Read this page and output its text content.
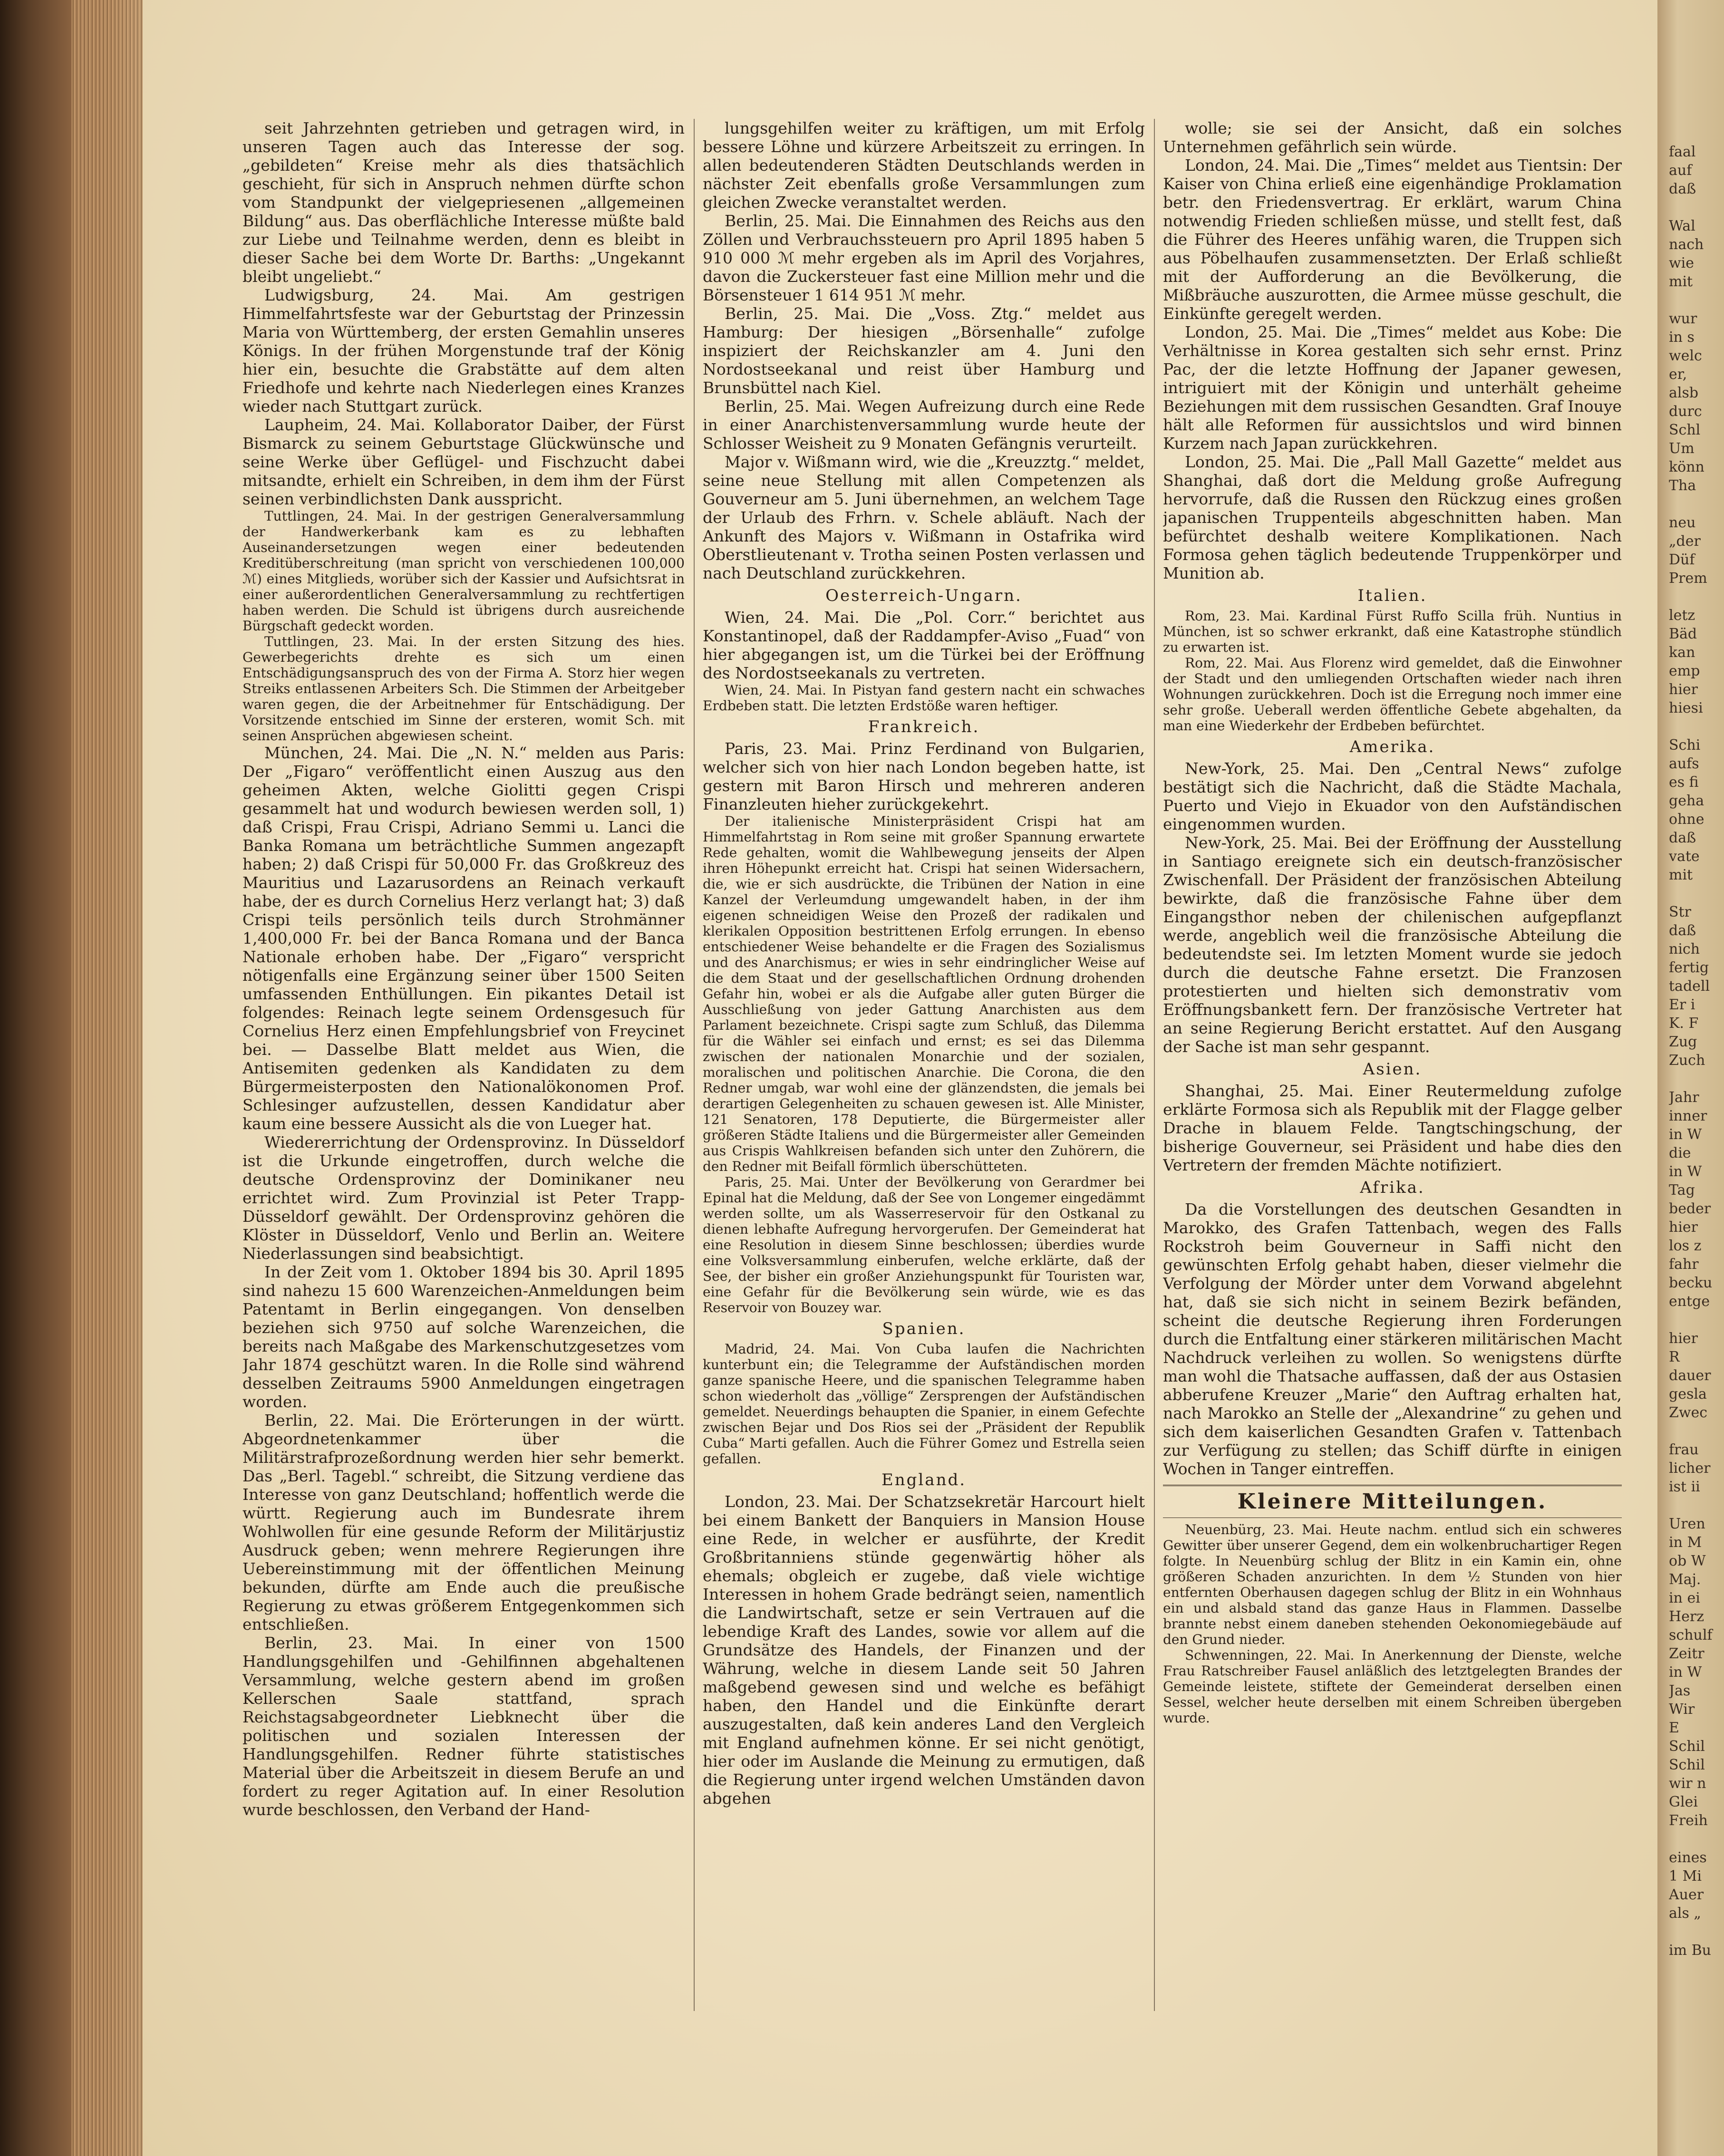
seit Jahrzehnten getrieben und getragen wird, in unseren Tagen auch das Interesse der sog. „gebildeten“ Kreise mehr als dies thatsächlich geschieht, für sich in Anspruch nehmen dürfte schon vom Standpunkt der vielgepriesenen „allgemeinen Bildung“ aus. Das oberflächliche Interesse müßte bald zur Liebe und Teilnahme werden, denn es bleibt in dieser Sache bei dem Worte Dr. Barths: „Ungekannt bleibt ungeliebt.“

Ludwigsburg, 24. Mai. Am gestrigen Himmelfahrtsfeste war der Geburtstag der Prinzessin Maria von Württemberg, der ersten Gemahlin unseres Königs. In der frühen Morgenstunde traf der König hier ein, besuchte die Grabstätte auf dem alten Friedhofe und kehrte nach Niederlegen eines Kranzes wieder nach Stuttgart zurück.

Laupheim, 24. Mai. Kollaborator Daiber, der Fürst Bismarck zu seinem Geburtstage Glückwünsche und seine Werke über Geflügel- und Fischzucht dabei mitsandte, erhielt ein Schreiben, in dem ihm der Fürst seinen verbindlichsten Dank ausspricht.

Tuttlingen, 24. Mai. In der gestrigen Generalversammlung der Handwerkerbank kam es zu lebhaften Auseinandersetzungen wegen einer bedeutenden Kreditüberschreitung (man spricht von verschiedenen 100,000 ℳ) eines Mitglieds, worüber sich der Kassier und Aufsichtsrat in einer außerordentlichen Generalversammlung zu rechtfertigen haben werden. Die Schuld ist übrigens durch ausreichende Bürgschaft gedeckt worden.

Tuttlingen, 23. Mai. In der ersten Sitzung des hies. Gewerbegerichts drehte es sich um einen Entschädigungsanspruch des von der Firma A. Storz hier wegen Streiks entlassenen Arbeiters Sch. Die Stimmen der Arbeitgeber waren gegen, die der Arbeitnehmer für Entschädigung. Der Vorsitzende entschied im Sinne der ersteren, womit Sch. mit seinen Ansprüchen abgewiesen scheint.

München, 24. Mai. Die „N. N.“ melden aus Paris: Der „Figaro“ veröffentlicht einen Auszug aus den geheimen Akten, welche Giolitti gegen Crispi gesammelt hat und wodurch bewiesen werden soll, 1) daß Crispi, Frau Crispi, Adriano Semmi u. Lanci die Banka Romana um beträchtliche Summen angezapft haben; 2) daß Crispi für 50,000 Fr. das Großkreuz des Mauritius und Lazarusordens an Reinach verkauft habe, der es durch Cornelius Herz verlangt hat; 3) daß Crispi teils persönlich teils durch Strohmänner 1,400,000 Fr. bei der Banca Romana und der Banca Nationale erhoben habe. Der „Figaro“ verspricht nötigenfalls eine Ergänzung seiner über 1500 Seiten umfassenden Enthüllungen. Ein pikantes Detail ist folgendes: Reinach legte seinem Ordensgesuch für Cornelius Herz einen Empfehlungsbrief von Freycinet bei. — Dasselbe Blatt meldet aus Wien, die Antisemiten gedenken als Kandidaten zu dem Bürgermeisterposten den Nationalökonomen Prof. Schlesinger aufzustellen, dessen Kandidatur aber kaum eine bessere Aussicht als die von Lueger hat.

Wiedererrichtung der Ordensprovinz. In Düsseldorf ist die Urkunde eingetroffen, durch welche die deutsche Ordensprovinz der Dominikaner neu errichtet wird. Zum Provinzial ist Peter Trapp-Düsseldorf gewählt. Der Ordensprovinz gehören die Klöster in Düsseldorf, Venlo und Berlin an. Weitere Niederlassungen sind beabsichtigt.

In der Zeit vom 1. Oktober 1894 bis 30. April 1895 sind nahezu 15 600 Warenzeichen-Anmeldungen beim Patentamt in Berlin eingegangen. Von denselben beziehen sich 9750 auf solche Warenzeichen, die bereits nach Maßgabe des Markenschutzgesetzes vom Jahr 1874 geschützt waren. In die Rolle sind während desselben Zeitraums 5900 Anmeldungen eingetragen worden.

Berlin, 22. Mai. Die Erörterungen in der württ. Abgeordnetenkammer über die Militärstrafprozeßordnung werden hier sehr bemerkt. Das „Berl. Tagebl.“ schreibt, die Sitzung verdiene das Interesse von ganz Deutschland; hoffentlich werde die württ. Regierung auch im Bundesrate ihrem Wohlwollen für eine gesunde Reform der Militärjustiz Ausdruck geben; wenn mehrere Regierungen ihre Uebereinstimmung mit der öffentlichen Meinung bekunden, dürfte am Ende auch die preußische Regierung zu etwas größerem Entgegenkommen sich entschließen.

Berlin, 23. Mai. In einer von 1500 Handlungsgehilfen und -Gehilfinnen abgehaltenen Versammlung, welche gestern abend im großen Kellerschen Saale stattfand, sprach Reichstagsabgeordneter Liebknecht über die politischen und sozialen Interessen der Handlungsgehilfen. Redner führte statistisches Material über die Arbeitszeit in diesem Berufe an und fordert zu reger Agitation auf. In einer Resolution wurde beschlossen, den Verband der Hand-

lungsgehilfen weiter zu kräftigen, um mit Erfolg bessere Löhne und kürzere Arbeitszeit zu erringen. In allen bedeutenderen Städten Deutschlands werden in nächster Zeit ebenfalls große Versammlungen zum gleichen Zwecke veranstaltet werden.

Berlin, 25. Mai. Die Einnahmen des Reichs aus den Zöllen und Verbrauchssteuern pro April 1895 haben 5 910 000 ℳ mehr ergeben als im April des Vorjahres, davon die Zuckersteuer fast eine Million mehr und die Börsensteuer 1 614 951 ℳ mehr.

Berlin, 25. Mai. Die „Voss. Ztg.“ meldet aus Hamburg: Der hiesigen „Börsenhalle“ zufolge inspiziert der Reichskanzler am 4. Juni den Nordostseekanal und reist über Hamburg und Brunsbüttel nach Kiel.

Berlin, 25. Mai. Wegen Aufreizung durch eine Rede in einer Anarchistenversammlung wurde heute der Schlosser Weisheit zu 9 Monaten Gefängnis verurteilt.

Major v. Wißmann wird, wie die „Kreuzztg.“ meldet, seine neue Stellung mit allen Competenzen als Gouverneur am 5. Juni übernehmen, an welchem Tage der Urlaub des Frhrn. v. Schele abläuft. Nach der Ankunft des Majors v. Wißmann in Ostafrika wird Oberstlieutenant v. Trotha seinen Posten verlassen und nach Deutschland zurückkehren.

Oesterreich-Ungarn.

Wien, 24. Mai. Die „Pol. Corr.“ berichtet aus Konstantinopel, daß der Raddampfer-Aviso „Fuad“ von hier abgegangen ist, um die Türkei bei der Eröffnung des Nordostseekanals zu vertreten.

Wien, 24. Mai. In Pistyan fand gestern nacht ein schwaches Erdbeben statt. Die letzten Erdstöße waren heftiger.

Frankreich.

Paris, 23. Mai. Prinz Ferdinand von Bulgarien, welcher sich von hier nach London begeben hatte, ist gestern mit Baron Hirsch und mehreren anderen Finanzleuten hieher zurückgekehrt.

Der italienische Ministerpräsident Crispi hat am Himmelfahrtstag in Rom seine mit großer Spannung erwartete Rede gehalten, womit die Wahlbewegung jenseits der Alpen ihren Höhepunkt erreicht hat. Crispi hat seinen Widersachern, die, wie er sich ausdrückte, die Tribünen der Nation in eine Kanzel der Verleumdung umgewandelt haben, in der ihm eigenen schneidigen Weise den Prozeß der radikalen und klerikalen Opposition bestrittenen Erfolg errungen. In ebenso entschiedener Weise behandelte er die Fragen des Sozialismus und des Anarchismus; er wies in sehr eindringlicher Weise auf die dem Staat und der gesellschaftlichen Ordnung drohenden Gefahr hin, wobei er als die Aufgabe aller guten Bürger die Ausschließung von jeder Gattung Anarchisten aus dem Parlament bezeichnete. Crispi sagte zum Schluß, das Dilemma für die Wähler sei einfach und ernst; es sei das Dilemma zwischen der nationalen Monarchie und der sozialen, moralischen und politischen Anarchie. Die Corona, die den Redner umgab, war wohl eine der glänzendsten, die jemals bei derartigen Gelegenheiten zu schauen gewesen ist. Alle Minister, 121 Senatoren, 178 Deputierte, die Bürgermeister aller größeren Städte Italiens und die Bürgermeister aller Gemeinden aus Crispis Wahlkreisen befanden sich unter den Zuhörern, die den Redner mit Beifall förmlich überschütteten.

Paris, 25. Mai. Unter der Bevölkerung von Gerardmer bei Epinal hat die Meldung, daß der See von Longemer eingedämmt werden sollte, um als Wasserreservoir für den Ostkanal zu dienen lebhafte Aufregung hervorgerufen. Der Gemeinderat hat eine Resolution in diesem Sinne beschlossen; überdies wurde eine Volksversammlung einberufen, welche erklärte, daß der See, der bisher ein großer Anziehungspunkt für Touristen war, eine Gefahr für die Bevölkerung sein würde, wie es das Reservoir von Bouzey war.

Spanien.

Madrid, 24. Mai. Von Cuba laufen die Nachrichten kunterbunt ein; die Telegramme der Aufständischen morden ganze spanische Heere, und die spanischen Telegramme haben schon wiederholt das „völlige“ Zersprengen der Aufständischen gemeldet. Neuerdings behaupten die Spanier, in einem Gefechte zwischen Bejar und Dos Rios sei der „Präsident der Republik Cuba“ Marti gefallen. Auch die Führer Gomez und Estrella seien gefallen.

England.

London, 23. Mai. Der Schatzsekretär Harcourt hielt bei einem Bankett der Banquiers in Mansion House eine Rede, in welcher er ausführte, der Kredit Großbritanniens stünde gegenwärtig höher als ehemals; obgleich er zugebe, daß viele wichtige Interessen in hohem Grade bedrängt seien, namentlich die Landwirtschaft, setze er sein Vertrauen auf die lebendige Kraft des Landes, sowie vor allem auf die Grundsätze des Handels, der Finanzen und der Währung, welche in diesem Lande seit 50 Jahren maßgebend gewesen sind und welche es befähigt haben, den Handel und die Einkünfte derart auszugestalten, daß kein anderes Land den Vergleich mit England aufnehmen könne. Er sei nicht genötigt, hier oder im Auslande die Meinung zu ermutigen, daß die Regierung unter irgend welchen Umständen davon abgehen

wolle; sie sei der Ansicht, daß ein solches Unternehmen gefährlich sein würde.

London, 24. Mai. Die „Times“ meldet aus Tientsin: Der Kaiser von China erließ eine eigenhändige Proklamation betr. den Friedensvertrag. Er erklärt, warum China notwendig Frieden schließen müsse, und stellt fest, daß die Führer des Heeres unfähig waren, die Truppen sich aus Pöbelhaufen zusammensetzten. Der Erlaß schließt mit der Aufforderung an die Bevölkerung, die Mißbräuche auszurotten, die Armee müsse geschult, die Einkünfte geregelt werden.

London, 25. Mai. Die „Times“ meldet aus Kobe: Die Verhältnisse in Korea gestalten sich sehr ernst. Prinz Pac, der die letzte Hoffnung der Japaner gewesen, intriguiert mit der Königin und unterhält geheime Beziehungen mit dem russischen Gesandten. Graf Inouye hält alle Reformen für aussichtslos und wird binnen Kurzem nach Japan zurückkehren.

London, 25. Mai. Die „Pall Mall Gazette“ meldet aus Shanghai, daß dort die Meldung große Aufregung hervorrufe, daß die Russen den Rückzug eines großen japanischen Truppenteils abgeschnitten haben. Man befürchtet deshalb weitere Komplikationen. Nach Formosa gehen täglich bedeutende Truppenkörper und Munition ab.

Italien.

Rom, 23. Mai. Kardinal Fürst Ruffo Scilla früh. Nuntius in München, ist so schwer erkrankt, daß eine Katastrophe stündlich zu erwarten ist.

Rom, 22. Mai. Aus Florenz wird gemeldet, daß die Einwohner der Stadt und den umliegenden Ortschaften wieder nach ihren Wohnungen zurückkehren. Doch ist die Erregung noch immer eine sehr große. Ueberall werden öffentliche Gebete abgehalten, da man eine Wiederkehr der Erdbeben befürchtet.

Amerika.

New-York, 25. Mai. Den „Central News“ zufolge bestätigt sich die Nachricht, daß die Städte Machala, Puerto und Viejo in Ekuador von den Aufständischen eingenommen wurden.

New-York, 25. Mai. Bei der Eröffnung der Ausstellung in Santiago ereignete sich ein deutsch-französischer Zwischenfall. Der Präsident der französischen Abteilung bewirkte, daß die französische Fahne über dem Eingangsthor neben der chilenischen aufgepflanzt werde, angeblich weil die französische Abteilung die bedeutendste sei. Im letzten Moment wurde sie jedoch durch die deutsche Fahne ersetzt. Die Franzosen protestierten und hielten sich demonstrativ vom Eröffnungsbankett fern. Der französische Vertreter hat an seine Regierung Bericht erstattet. Auf den Ausgang der Sache ist man sehr gespannt.

Asien.

Shanghai, 25. Mai. Einer Reutermeldung zufolge erklärte Formosa sich als Republik mit der Flagge gelber Drache in blauem Felde. Tangtschingschung, der bisherige Gouverneur, sei Präsident und habe dies den Vertretern der fremden Mächte notifiziert.

Afrika.

Da die Vorstellungen des deutschen Gesandten in Marokko, des Grafen Tattenbach, wegen des Falls Rockstroh beim Gouverneur in Saffi nicht den gewünschten Erfolg gehabt haben, dieser vielmehr die Verfolgung der Mörder unter dem Vorwand abgelehnt hat, daß sie sich nicht in seinem Bezirk befänden, scheint die deutsche Regierung ihren Forderungen durch die Entfaltung einer stärkeren militärischen Macht Nachdruck verleihen zu wollen. So wenigstens dürfte man wohl die Thatsache auffassen, daß der aus Ostasien abberufene Kreuzer „Marie“ den Auftrag erhalten hat, nach Marokko an Stelle der „Alexandrine“ zu gehen und sich dem kaiserlichen Gesandten Grafen v. Tattenbach zur Verfügung zu stellen; das Schiff dürfte in einigen Wochen in Tanger eintreffen.

Kleinere Mitteilungen.

Neuenbürg, 23. Mai. Heute nachm. entlud sich ein schweres Gewitter über unserer Gegend, dem ein wolkenbruchartiger Regen folgte. In Neuenbürg schlug der Blitz in ein Kamin ein, ohne größeren Schaden anzurichten. In dem ½ Stunden von hier entfernten Oberhausen dagegen schlug der Blitz in ein Wohnhaus ein und alsbald stand das ganze Haus in Flammen. Dasselbe brannte nebst einem daneben stehenden Oekonomiegebäude auf den Grund nieder.

Schwenningen, 22. Mai. In Anerkennung der Dienste, welche Frau Ratschreiber Fausel anläßlich des letztgelegten Brandes der Gemeinde leistete, stiftete der Gemeinderat derselben einen Sessel, welcher heute derselben mit einem Schreiben übergeben wurde.

faal
auf
daß

Wal
nach
wie
mit

wur
in s
welc
er,
alsb
durc
Schl
Um
könn
Tha

neu
„der
Düf
Prem

letz
Bäd
kan
emp
hier
hiesi

Schi
aufs
es fi
geha
ohne
daß
vate
mit

Str
daß
nich
fertig
tadell
Er i
K. F
Zug
Zuch

Jahr
inner
in W
die
in W
Tag
beder
hier
los z
fahr
becku
entge

hier
R
dauer
gesla
Zwec

frau
licher
ist ii

Uren
in M
ob W
Maj.
in ei
Herz
schulf
Zeitr
in W
Jas
Wir
E
Schil
Schil
wir n
Glei
Freih

eines
1 Mi
Auer
als „

im Bu
